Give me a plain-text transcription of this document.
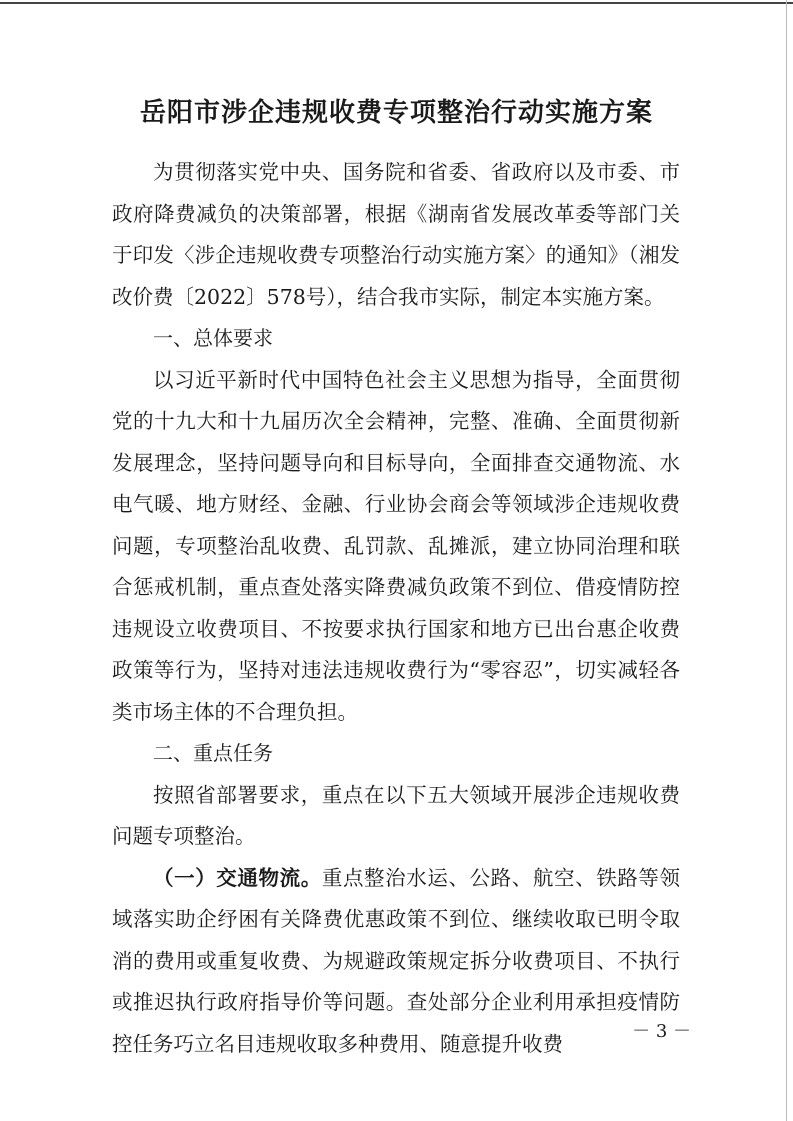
岳阳市涉企违规收费专项整治行动实施方案

为贯彻落实党中央、国务院和省委、省政府以及市委、市政府降费减负的决策部署，根据《湖南省发展改革委等部门关于印发〈涉企违规收费专项整治行动实施方案〉的通知》（湘发改价费〔2022〕578号），结合我市实际，制定本实施方案。

一、总体要求

以习近平新时代中国特色社会主义思想为指导，全面贯彻党的十九大和十九届历次全会精神，完整、准确、全面贯彻新发展理念，坚持问题导向和目标导向，全面排查交通物流、水电气暖、地方财经、金融、行业协会商会等领域涉企违规收费问题，专项整治乱收费、乱罚款、乱摊派，建立协同治理和联合惩戒机制，重点查处落实降费减负政策不到位、借疫情防控违规设立收费项目、不按要求执行国家和地方已出台惠企收费政策等行为，坚持对违法违规收费行为“零容忍”，切实减轻各类市场主体的不合理负担。

二、重点任务

按照省部署要求，重点在以下五大领域开展涉企违规收费问题专项整治。

（一）交通物流。重点整治水运、公路、航空、铁路等领域落实助企纾困有关降费优惠政策不到位、继续收取已明令取消的费用或重复收费、为规避政策规定拆分收费项目、不执行或推迟执行政府指导价等问题。查处部分企业利用承担疫情防控任务巧立名目违规收取多种费用、随意提升收费	－ 3 －
